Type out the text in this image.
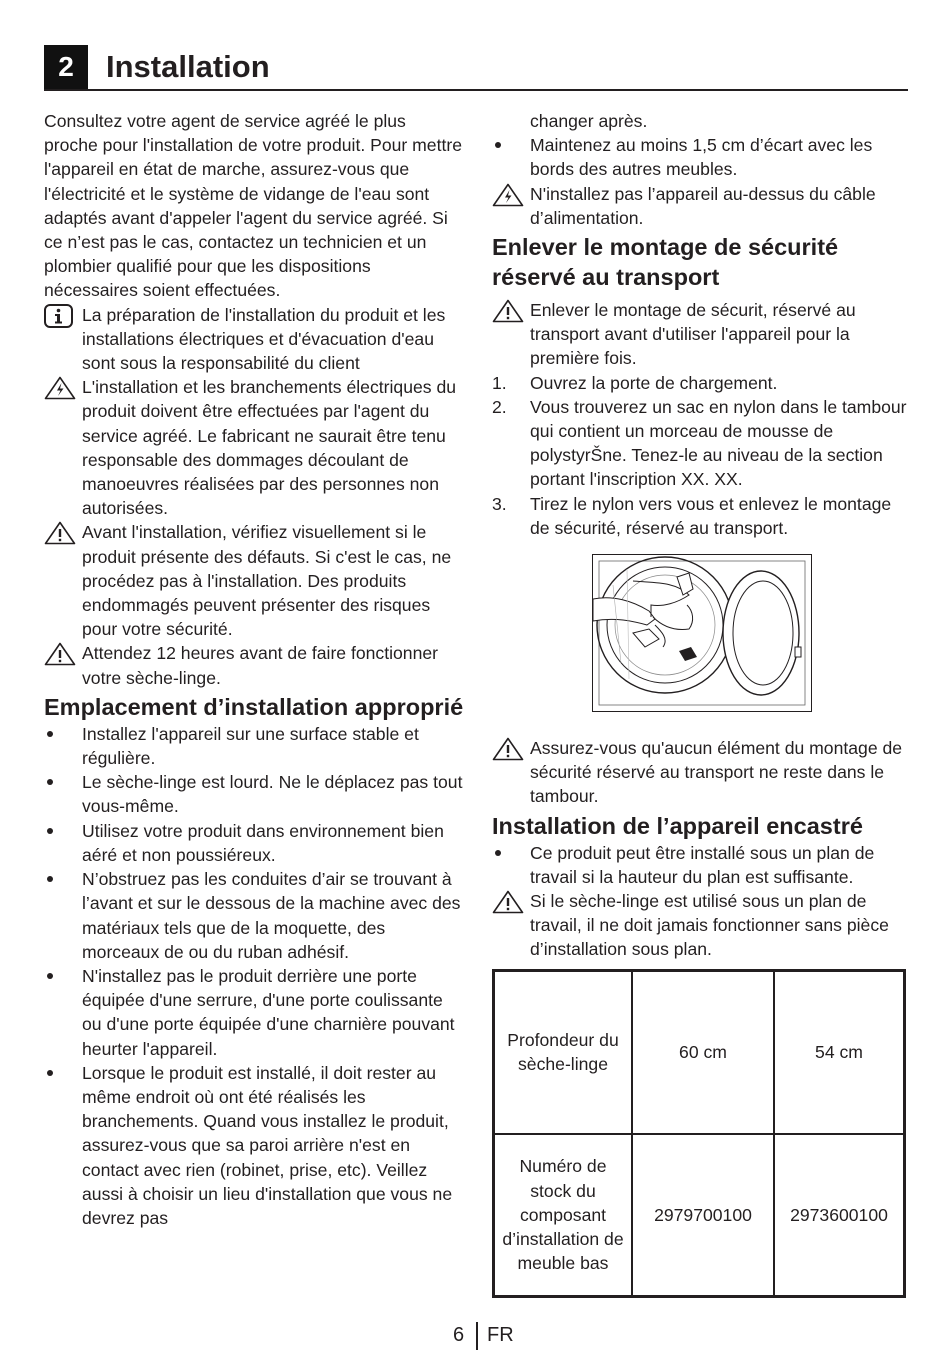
2	Installation

Consultez votre agent de service agréé le plus proche pour l'installation de votre produit. Pour mettre l'appareil en état de marche, assurez-vous que l'électricité et le système de vidange de l'eau sont adaptés avant d'appeler l'agent du service agréé. Si ce n’est pas le cas, contactez un technicien et un plombier qualifié pour que les dispositions nécessaires soient effectuées.

La préparation de l'installation du produit et les installations électriques et d'évacuation d'eau sont sous la responsabilité du client
L'installation et les branchements électriques du produit doivent être effectuées par l'agent du service agréé. Le fabricant ne saurait être tenu responsable des dommages découlant de manoeuvres réalisées par des personnes non autorisées.
Avant l'installation, vérifiez visuellement si le produit présente des défauts. Si c'est le cas, ne procédez pas à l'installation. Des produits endommagés peuvent présenter des risques pour votre sécurité.
Attendez 12 heures avant de faire fonctionner votre sèche-linge.
Emplacement d’installation approprié
Installez l'appareil sur une surface stable et régulière.
Le sèche-linge est lourd. Ne le déplacez pas tout vous-même.
Utilisez votre produit dans environnement bien aéré et non poussiéreux.
N’obstruez pas les conduites d’air se trouvant à l’avant et sur le dessous de la machine avec des matériaux tels que de la moquette, des morceaux de ou du ruban adhésif.
N'installez pas le produit derrière une porte équipée d'une serrure, d'une porte coulissante ou d'une porte équipée d'une charnière pouvant heurter l'appareil.
Lorsque le produit est installé, il doit rester au même endroit où ont été réalisés les branchements. Quand vous installez le produit, assurez-vous que sa paroi arrière n'est en contact avec rien (robinet, prise, etc). Veillez aussi à choisir un lieu d'installation que vous ne devrez pas
changer après.
Maintenez au moins 1,5 cm d’écart avec les bords des autres meubles.
N'installez pas l’appareil au-dessus du câble d’alimentation.
Enlever le montage de sécurité réservé au transport
Enlever le montage de sécurit, réservé au transport avant d'utiliser l'appareil pour la première fois.
1.	Ouvrez la porte de chargement.
2.	Vous trouverez un sac en nylon dans le tambour qui contient un morceau de mousse de polystyrŠne. Tenez-le au niveau de la section portant l'inscription XX. XX.
3.	Tirez le nylon vers vous et enlevez le montage de sécurité, réservé au transport.
Assurez-vous qu'aucun élément du montage de sécurité réservé au transport ne reste dans le tambour.
Installation de l’appareil encastré
Ce produit peut être installé sous un plan de travail si la hauteur du plan est suffisante.
Si le sèche-linge est utilisé sous un plan de travail, il ne doit jamais fonctionner sans pièce d’installation sous plan.
Profondeur du sèche-linge	60 cm	54 cm
Numéro de stock du composant d’installation de meuble bas	2979700100	2973600100
6 FR
